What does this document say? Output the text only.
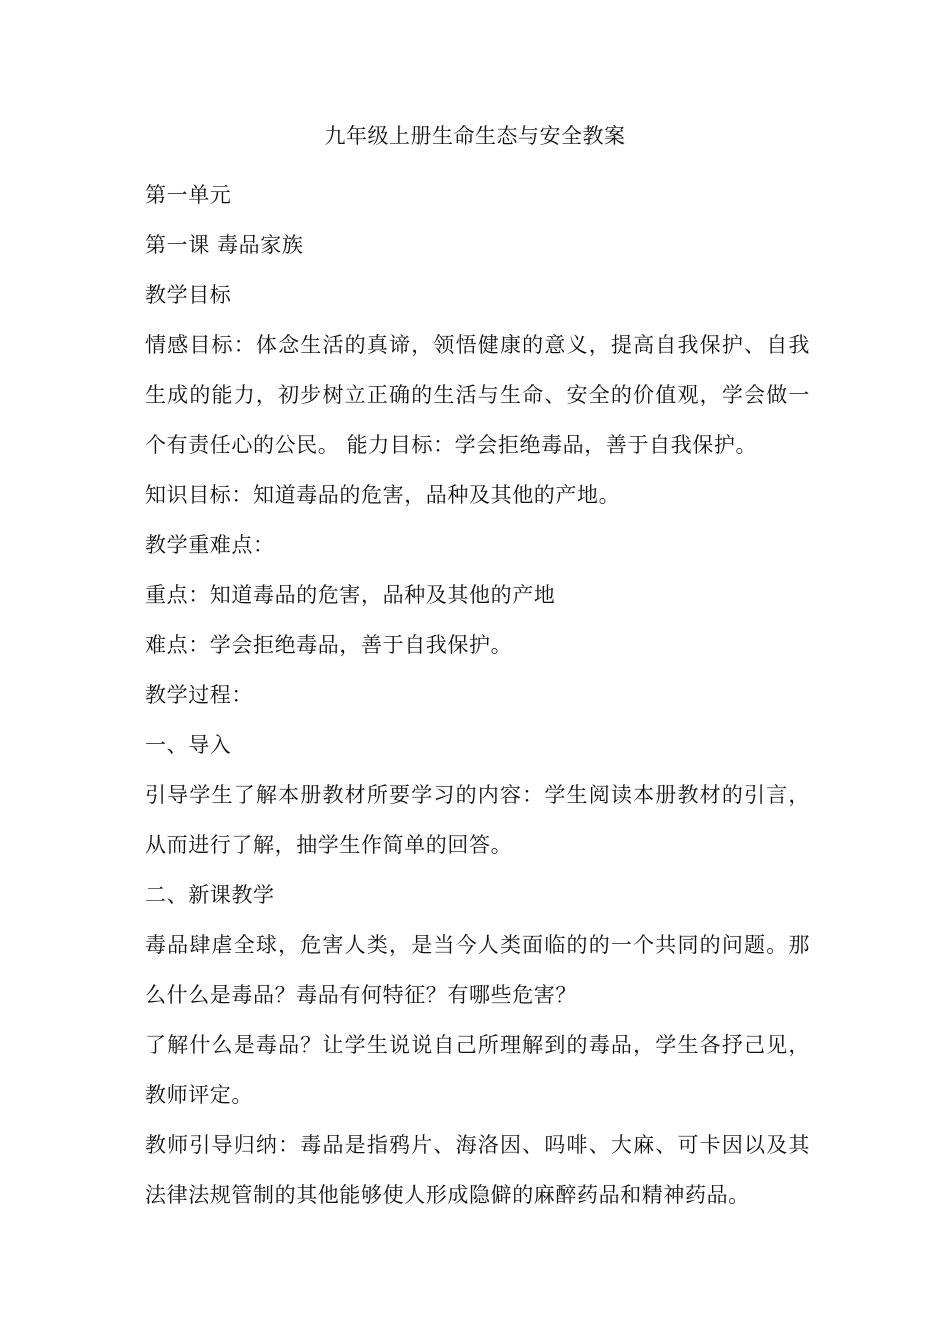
九年级上册生命生态与安全教案

第一单元

第一课 毒品家族

教学目标

情感目标：体念生活的真谛，领悟健康的意义，提高自我保护、自我生成的能力，初步树立正确的生活与生命、安全的价值观，学会做一个有责任心的公民。 能力目标：学会拒绝毒品，善于自我保护。

知识目标：知道毒品的危害，品种及其他的产地。

教学重难点：

重点：知道毒品的危害，品种及其他的产地

难点：学会拒绝毒品，善于自我保护。

教学过程：

一、导入

引导学生了解本册教材所要学习的内容：学生阅读本册教材的引言，从而进行了解，抽学生作简单的回答。

二、新课教学

毒品肆虐全球，危害人类，是当今人类面临的的一个共同的问题。那么什么是毒品？毒品有何特征？有哪些危害？

了解什么是毒品？让学生说说自己所理解到的毒品，学生各抒己见，教师评定。

教师引导归纳：毒品是指鸦片、海洛因、吗啡、大麻、可卡因以及其法律法规管制的其他能够使人形成隐僻的麻醉药品和精神药品。
